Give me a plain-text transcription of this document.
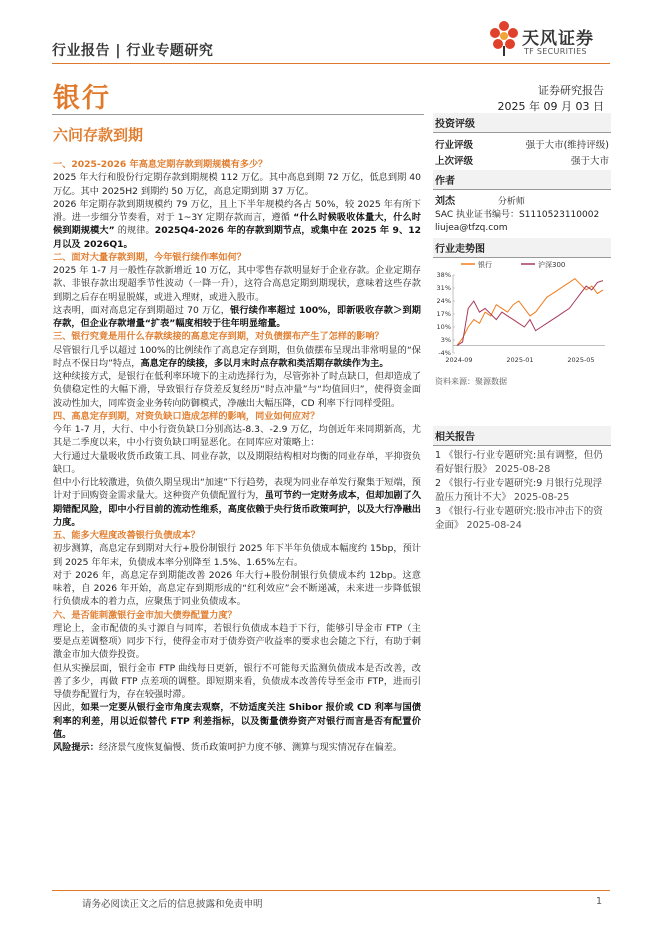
行业报告 | 行业专题研究
天风证券
TF SECURITIES
银行	证券研究报告
2025 年 09 月 03 日
六问存款到期

一、2025-2026 年高息定期存款到期规模有多少？

2025 年大行和股份行定期存款到期规模 112 万亿。其中高息到期 72 万亿，低息到期 40 万亿。其中 2025H2 到期约 50 万亿，高息定期到期 37 万亿。

2026 年定期存款到期规模约 79 万亿，且上下半年规模约各占 50%，较 2025 年有所下滑。进一步细分节奏看，对于 1~3Y 定期存款而言，遵循 “什么时候吸收体量大，什么时候到期规模大” 的规律。2025Q4-2026 年的存款到期节点，或集中在 2025 年 9、12 月以及 2026Q1。

二、面对大量存款到期，今年银行续作率如何？

2025 年 1-7 月一般性存款新增近 10 万亿，其中零售存款明显好于企业存款。企业定期存款、非银存款出现超季节性波动（一降一升），这符合高息定期到期现状，意味着这些存款到期之后存在明显脱媒，或进入理财，或进入股市。

这表明，面对高息定存到期超过 70 万亿，银行续作率超过 100%，即新吸收存款＞到期存款，但企业存款增量“扩表”幅度相较于往年明显缩量。

三、银行究竟是用什么存款续接的高息定存到期，对负债摆布产生了怎样的影响？

尽管银行几乎以超过 100%的比例续作了高息定存到期，但负债摆布呈现出非常明显的“保时点不保日均”特点，高息定存的续接，多以月末时点存款和类活期存款续作为主。

这种续接方式，是银行在低利率环境下的主动选择行为，尽管弥补了时点缺口，但却造成了负债稳定性的大幅下滑，导致银行存贷差反复经历“时点冲量”与“均值回归”，使得资金面波动性加大，同库资金业务转向防御模式，净融出大幅压降，CD 利率下行同样受阻。

四、高息定存到期，对资负缺口造成怎样的影响，同业如何应对？

今年 1-7 月，大行、中小行资负缺口分别高达-8.3、-2.9 万亿，均创近年来同期新高，尤其是二季度以来，中小行资负缺口明显恶化。在同库应对策略上：

大行通过大量吸收货币政策工具、同业存款，以及期限结构相对均衡的同业存单，平抑资负缺口。

但中小行比较激进，负债久期呈现出“加速”下行趋势，表现为同业存单发行聚集于短端，预计对于回购资金需求量大。这种资产负债配置行为，虽可节约一定财务成本，但却加剧了久期错配风险，即中小行目前的流动性维系，高度依赖于央行货币政策呵护，以及大行净融出力度。

五、能多大程度改善银行负债成本？

初步测算，高息定存到期对大行+股份制银行 2025 年下半年负债成本幅度约 15bp，预计到 2025 年年末，负债成本率分别降至 1.5%、1.65%左右。

对于 2026 年，高息定存到期能改善 2026 年大行+股份制银行负债成本约 12bp。这意味着，自 2026 年开始，高息定存到期形成的“红利效应”会不断递减，未来进一步降低银行负债成本的着力点，应聚焦于同业负债成本。

六、是否能刺激银行金市加大债券配置力度？

理论上，金市配债的头寸源自与同库，若银行负债成本趋于下行，能够引导金市 FTP（主要是点差调整项）同步下行，使得金市对于债券资产收益率的要求也会随之下行，有助于刺激金市加大债券投资。

但从实操层面，银行金市 FTP 曲线每日更新，银行不可能每天监测负债成本是否改善，改善了多少，再做 FTP 点差项的调整。即短期来看，负债成本改善传导至金市 FTP，进而引导债券配置行为，存在较强时滞。

因此，如果一定要从银行金市角度去观察，不妨适度关注 Shibor 报价或 CD 利率与国债利率的利差，用以近似替代 FTP 利差指标，以及衡量债券资产对银行而言是否有配置价值。

风险提示：经济景气度恢复偏慢、货币政策呵护力度不够、测算与现实情况存在偏差。

投资评级
行业评级	强于大市(维持评级)
上次评级	强于大市
作者
刘杰	分析师
SAC 执业证书编号：S1110523110002
liujea@tfzq.com
行业走势图
银行	沪深300
38%
31%
24%
17%
10%
3%
-4%
2024-09	2025-01	2025-05
资料来源：聚源数据
相关报告
1 《银行-行业专题研究:虽有调整，但仍看好银行股》 2025-08-28
2 《银行-行业专题研究:9 月银行兑现浮盈压力预计不大》 2025-08-25
3 《银行-行业专题研究:股市冲击下的资金面》 2025-08-24
请务必阅读正文之后的信息披露和免责申明	1
